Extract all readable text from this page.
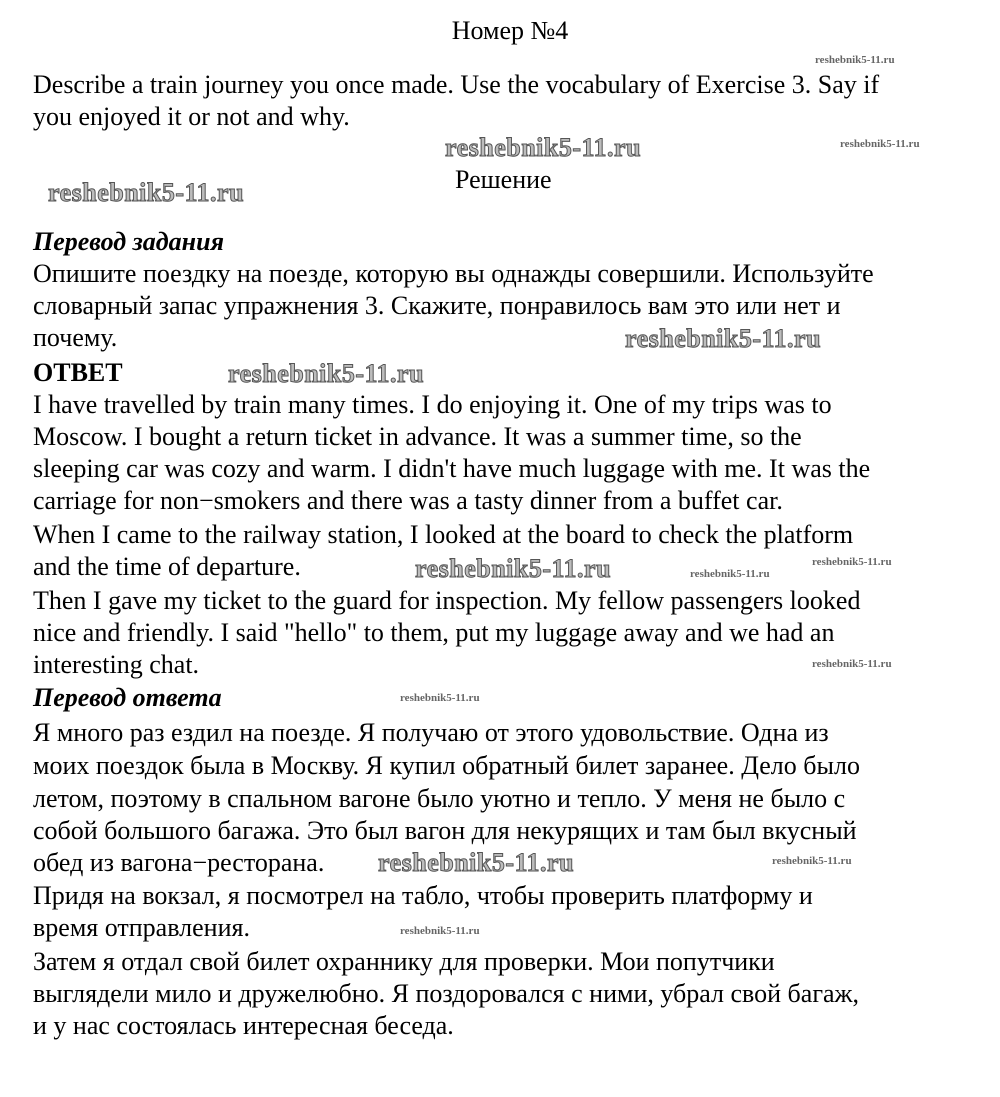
Номер №4
Describe a train journey you once made. Use the vocabulary of Exercise 3. Say if
you enjoyed it or not and why.
Решение
Перевод задания
Опишите поездку на поезде, которую вы однажды совершили. Используйте
словарный запас упражнения 3. Скажите, понравилось вам это или нет и
почему.
ОТВЕТ
I have travelled by train many times. I do enjoying it. One of my trips was to
Moscow. I bought a return ticket in advance. It was a summer time, so the
sleeping car was cozy and warm. I didn't have much luggage with me. It was the
carriage for non−smokers and there was a tasty dinner from a buffet car.
When I came to the railway station, I looked at the board to check the platform
and the time of departure.
Then I gave my ticket to the guard for inspection. My fellow passengers looked
nice and friendly. I said "hello" to them, put my luggage away and we had an
interesting chat.
Перевод ответа
Я много раз ездил на поезде. Я получаю от этого удовольствие. Одна из
моих поездок была в Москву. Я купил обратный билет заранее. Дело было
летом, поэтому в спальном вагоне было уютно и тепло. У меня не было с
собой большого багажа. Это был вагон для некурящих и там был вкусный
обед из вагона−ресторана.
Придя на вокзал, я посмотрел на табло, чтобы проверить платформу и
время отправления.
Затем я отдал свой билет охраннику для проверки. Мои попутчики
выглядели мило и дружелюбно. Я поздоровался с ними, убрал свой багаж,
и у нас состоялась интересная беседа.
reshebnik5-11.ru
reshebnik5-11.ru
reshebnik5-11.ru
reshebnik5-11.ru
reshebnik5-11.ru
reshebnik5-11.ru
reshebnik5-11.ru	reshebnik5-11.ru
reshebnik5-11.ru
reshebnik5-11.ru
reshebnik5-11.ru
reshebnik5-11.ru	reshebnik5-11.ru
reshebnik5-11.ru
